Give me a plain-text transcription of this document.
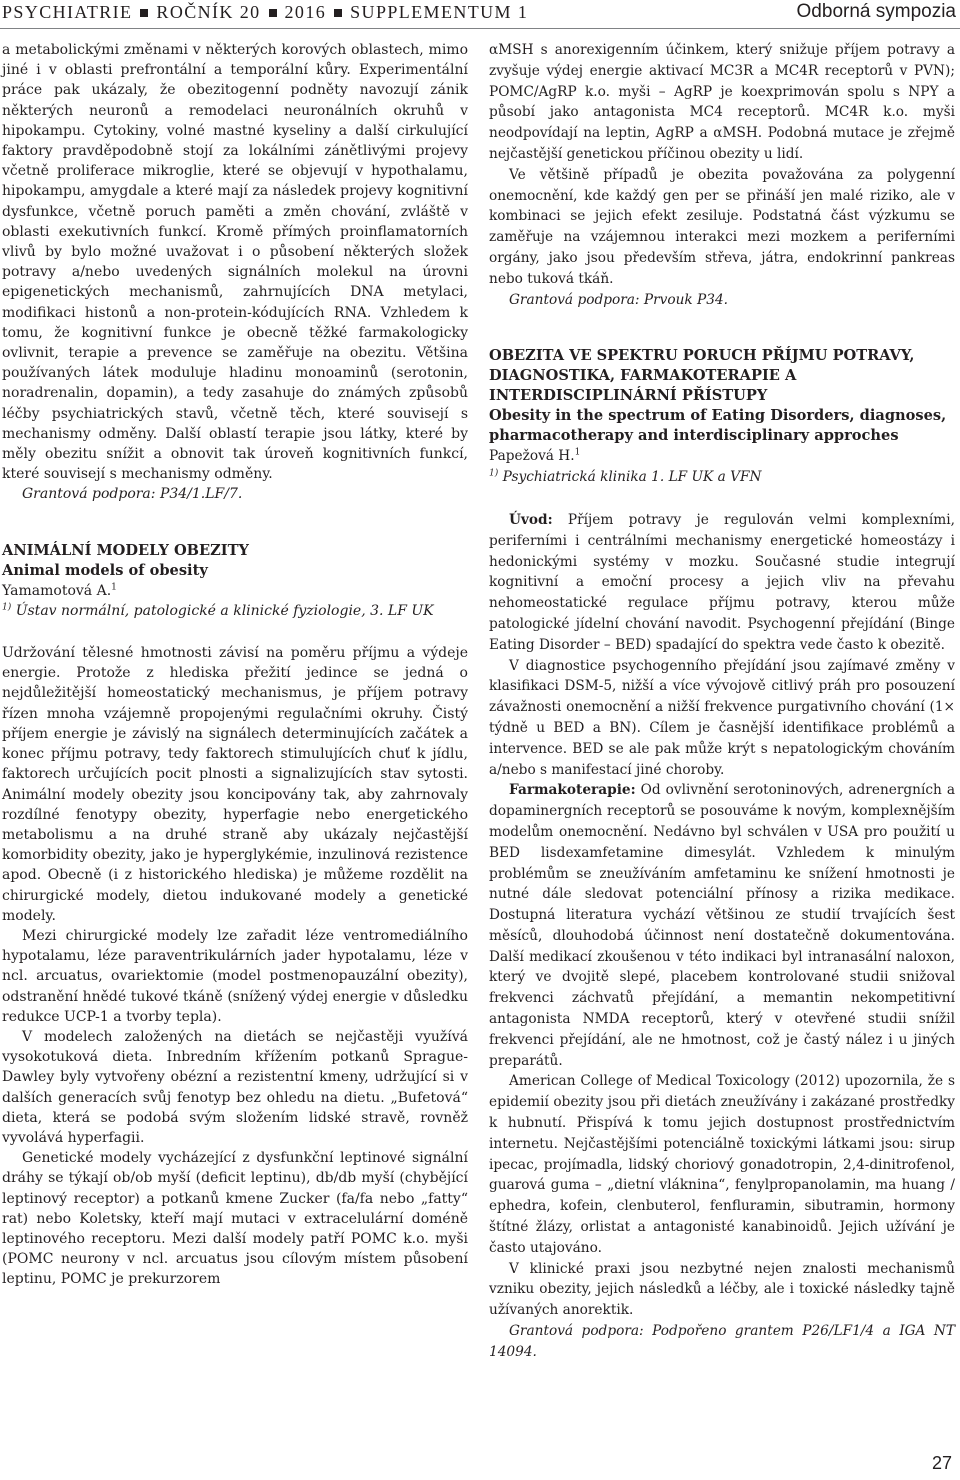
PSYCHIATRIE ROČNÍK 20 2016 SUPPLEMENTUM 1	Odborná sympozia

a metabolickými změnami v některých korových oblastech, mimo jiné i v oblasti prefrontální a temporální kůry. Experimentální práce pak ukázaly, že obezitogenní podněty navozují zánik některých neuronů a remodelaci neuronálních okruhů v hipokampu. Cytokiny, volné mastné kyseliny a další cirkulující faktory pravděpodobně stojí za lokálními zánětlivými projevy včetně proliferace mikroglie, které se objevují v hypothalamu, hipokampu, amygdale a které mají za následek projevy kognitivní dysfunkce, včetně poruch paměti a změn chování, zvláště v oblasti exekutivních funkcí. Kromě přímých proinflamatorních vlivů by bylo možné uvažovat i o působení některých složek potravy a/nebo uvedených signálních molekul na úrovni epigenetických mechanismů, zahrnujících DNA metylaci, modifikaci histonů a non-protein-kódujících RNA. Vzhledem k tomu, že kognitivní funkce je obecně těžké farmakologicky ovlivnit, terapie a prevence se zaměřuje na obezitu. Většina používaných látek moduluje hladinu monoaminů (serotonin, noradrenalin, dopamin), a tedy zasahuje do známých způsobů léčby psychiatrických stavů, včetně těch, které souvisejí s mechanismy odměny. Další oblastí terapie jsou látky, které by měly obezitu snížit a obnovit tak úroveň kognitivních funkcí, které souvisejí s mechanismy odměny.

Grantová podpora: P34/1.LF/7.

ANIMÁLNÍ MODELY OBEZITY

Animal models of obesity

Yamamotová A.$^1$

$^{1)}$ Ústav normální, patologické a klinické fyziologie, 3. LF UK

Udržování tělesné hmotnosti závisí na poměru příjmu a výdeje energie. Protože z hlediska přežití jedince se jedná o nejdůležitější homeostatický mechanismus, je příjem potravy řízen mnoha vzájemně propojenými regulačními okruhy. Čistý příjem energie je závislý na signálech determinujících začátek a konec příjmu potravy, tedy faktorech stimulujících chuť k jídlu, faktorech určujících pocit plnosti a signalizujících stav sytosti. Animální modely obezity jsou koncipovány tak, aby zahrnovaly rozdílné fenotypy obezity, hyperfagie nebo energetického metabolismu a na druhé straně aby ukázaly nejčastější komorbidity obezity, jako je hyperglykémie, inzulinová rezistence apod. Obecně (i z historického hlediska) je můžeme rozdělit na chirurgické modely, dietou indukované modely a genetické modely.

Mezi chirurgické modely lze zařadit léze ventromediálního hypotalamu, léze paraventrikulárních jader hypotalamu, léze v ncl. arcuatus, ovariektomie (model postmenopauzální obezity), odstranění hnědé tukové tkáně (snížený výdej energie v důsledku redukce UCP-1 a tvorby tepla).

V modelech založených na dietách se nejčastěji využívá vysokotuková dieta. Inbredním křížením potkanů Sprague-Dawley byly vytvořeny obézní a rezistentní kmeny, udržující si v dalších generacích svůj fenotyp bez ohledu na dietu. „Bufetová“ dieta, která se podobá svým složením lidské stravě, rovněž vyvolává hyperfagii.

Genetické modely vycházející z dysfunkční leptinové signální dráhy se týkají ob/ob myší (deficit leptinu), db/db myší (chybějící leptinový receptor) a potkanů kmene Zucker (fa/fa nebo „fatty“ rat) nebo Koletsky, kteří mají mutaci v extracelulární doméně leptinového receptoru. Mezi další modely patří POMC k.o. myši (POMC neurony v ncl. arcuatus jsou cílovým místem působení leptinu, POMC je prekurzorem

αMSH s anorexigenním účinkem, který snižuje příjem potravy a zvyšuje výdej energie aktivací MC3R a MC4R receptorů v PVN); POMC/AgRP k.o. myši – AgRP je koexprimován spolu s NPY a působí jako antagonista MC4 receptorů. MC4R k.o. myši neodpovídají na leptin, AgRP a αMSH. Podobná mutace je zřejmě nejčastější genetickou příčinou obezity u lidí.

Ve většině případů je obezita považována za polygenní onemocnění, kde každý gen per se přináší jen malé riziko, ale v kombinaci se jejich efekt zesiluje. Podstatná část výzkumu se zaměřuje na vzájemnou interakci mezi mozkem a periferními orgány, jako jsou především střeva, játra, endokrinní pankreas nebo tuková tkáň.

Grantová podpora: Prvouk P34.

OBEZITA VE SPEKTRU PORUCH PŘÍJMU POTRAVY, DIAGNOSTIKA, FARMAKOTERAPIE A INTERDISCIPLINÁRNÍ PŘÍSTUPY

Obesity in the spectrum of Eating Disorders, diagnoses, pharmacotherapy and interdisciplinary approches

Papežová H.$^1$

$^{1)}$ Psychiatrická klinika 1. LF UK a VFN

Úvod: Příjem potravy je regulován velmi komplexními, periferními i centrálními mechanismy energetické homeostázy i hedonickými systémy v mozku. Současné studie integrují kognitivní a emoční procesy a jejich vliv na převahu nehomeostatické regulace příjmu potravy, kterou může patologické jídelní chování navodit. Psychogenní přejídání (Binge Eating Disorder – BED) spadající do spektra vede často k obezitě.

V diagnostice psychogenního přejídání jsou zajímavé změny v klasifikaci DSM-5, nižší a více vývojově citlivý práh pro posouzení závažnosti onemocnění a nižší frekvence purgativního chování (1× týdně u BED a BN). Cílem je časnější identifikace problémů a intervence. BED se ale pak může krýt s nepatologickým chováním a/nebo s manifestací jiné choroby.

Farmakoterapie: Od ovlivnění serotoninových, adrenergních a dopaminergních receptorů se posouváme k novým, komplexnějším modelům onemocnění. Nedávno byl schválen v USA pro použití u BED lisdexamfetamine dimesylát. Vzhledem k minulým problémům se zneužíváním amfetaminu ke snížení hmotnosti je nutné dále sledovat potenciální přínosy a rizika medikace. Dostupná literatura vychází většinou ze studií trvajících šest měsíců, dlouhodobá účinnost není dostatečně dokumentována. Další medikací zkoušenou v této indikaci byl intranasální naloxon, který ve dvojitě slepé, placebem kontrolované studii snižoval frekvenci záchvatů přejídání, a memantin nekompetitivní antagonista NMDA receptorů, který v otevřené studii snížil frekvenci přejídání, ale ne hmotnost, což je častý nález i u jiných preparátů.

American College of Medical Toxicology (2012) upozornila, že s epidemií obezity jsou při dietách zneužívány i zakázané prostředky k hubnutí. Přispívá k tomu jejich dostupnost prostřednictvím internetu. Nejčastějšími potenciálně toxickými látkami jsou: sirup ipecac, projímadla, lidský choriový gonadotropin, 2,4-dinitrofenol, guarová guma – „dietní vláknina“, fenylpropanolamin, ma huang / ephedra, kofein, clenbuterol, fenfluramin, sibutramin, hormony štítné žlázy, orlistat a antagonisté kanabinoidů. Jejich užívání je často utajováno.

V klinické praxi jsou nezbytné nejen znalosti mechanismů vzniku obezity, jejich následků a léčby, ale i toxické následky tajně užívaných anorektik.

Grantová podpora: Podpořeno grantem P26/LF1/4 a IGA NT 14094.

27
